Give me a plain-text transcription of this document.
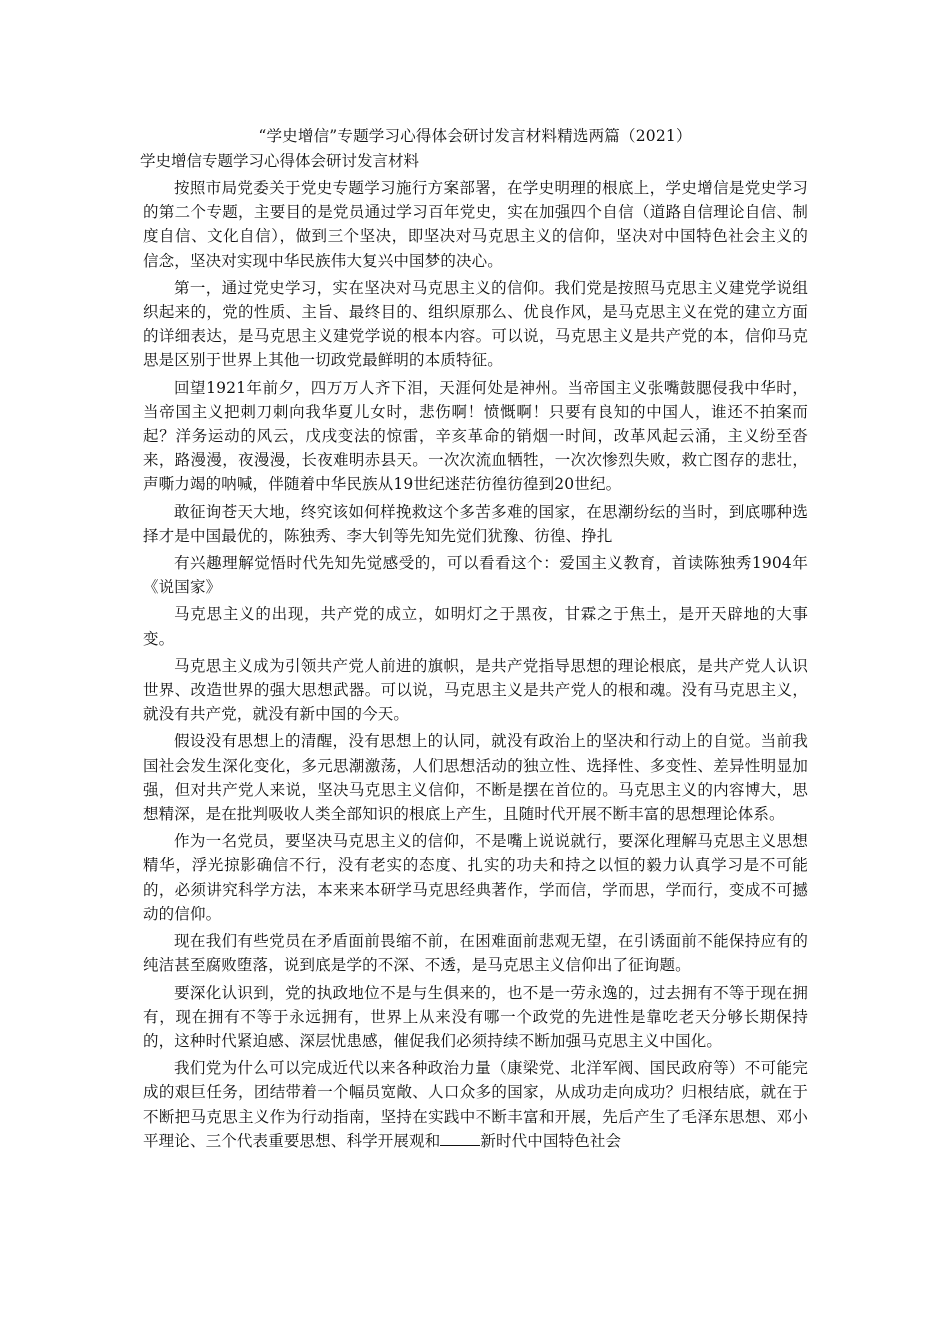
“学史增信”专题学习心得体会研讨发言材料精选两篇（2021）
学史增信专题学习心得体会研讨发言材料

按照市局党委关于党史专题学习施行方案部署，在学史明理的根底上，学史增信是党史学习的第二个专题，主要目的是党员通过学习百年党史，实在加强四个自信（道路自信理论自信、制度自信、文化自信），做到三个坚决，即坚决对马克思主义的信仰，坚决对中国特色社会主义的信念，坚决对实现中华民族伟大复兴中国梦的决心。

第一，通过党史学习，实在坚决对马克思主义的信仰。我们党是按照马克思主义建党学说组织起来的，党的性质、主旨、最终目的、组织原那么、优良作风，是马克思主义在党的建立方面的详细表达，是马克思主义建党学说的根本内容。可以说，马克思主义是共产党的本，信仰马克思是区别于世界上其他一切政党最鲜明的本质特征。

回望1921年前夕，四万万人齐下泪，天涯何处是神州。当帝国主义张嘴鼓腮侵我中华时，当帝国主义把刺刀刺向我华夏儿女时，悲伤啊！愤慨啊！只要有良知的中国人，谁还不拍案而起？洋务运动的风云，戊戌变法的惊雷，辛亥革命的销烟一时间，改革风起云涌，主义纷至沓来，路漫漫，夜漫漫，长夜难明赤县天。一次次流血牺牲，一次次惨烈失败，救亡图存的悲壮，声嘶力竭的呐喊，伴随着中华民族从19世纪迷茫彷徨彷徨到20世纪。

敢征询苍天大地，终究该如何样挽救这个多苦多难的国家，在思潮纷纭的当时，到底哪种选择才是中国最优的，陈独秀、李大钊等先知先觉们犹豫、彷徨、挣扎

有兴趣理解觉悟时代先知先觉感受的，可以看看这个：爱国主义教育，首读陈独秀1904年《说国家》

马克思主义的出现，共产党的成立，如明灯之于黑夜，甘霖之于焦土，是开天辟地的大事变。

马克思主义成为引领共产党人前进的旗帜，是共产党指导思想的理论根底，是共产党人认识世界、改造世界的强大思想武器。可以说，马克思主义是共产党人的根和魂。没有马克思主义，就没有共产党，就没有新中国的今天。

假设没有思想上的清醒，没有思想上的认同，就没有政治上的坚决和行动上的自觉。当前我国社会发生深化变化，多元思潮激荡，人们思想活动的独立性、选择性、多变性、差异性明显加强，但对共产党人来说，坚决马克思主义信仰，不断是摆在首位的。马克思主义的内容博大，思想精深，是在批判吸收人类全部知识的根底上产生，且随时代开展不断丰富的思想理论体系。

作为一名党员，要坚决马克思主义的信仰，不是嘴上说说就行，要深化理解马克思主义思想精华，浮光掠影确信不行，没有老实的态度、扎实的功夫和持之以恒的毅力认真学习是不可能的，必须讲究科学方法，本来来本研学马克思经典著作，学而信，学而思，学而行，变成不可撼动的信仰。

现在我们有些党员在矛盾面前畏缩不前，在困难面前悲观无望，在引诱面前不能保持应有的纯洁甚至腐败堕落，说到底是学的不深、不透，是马克思主义信仰出了征询题。

要深化认识到，党的执政地位不是与生俱来的，也不是一劳永逸的，过去拥有不等于现在拥有，现在拥有不等于永远拥有，世界上从来没有哪一个政党的先进性是靠吃老天分够长期保持的，这种时代紧迫感、深层忧患感，催促我们必须持续不断加强马克思主义中国化。

我们党为什么可以完成近代以来各种政治力量（康梁党、北洋军阀、国民政府等）不可能完成的艰巨任务，团结带着一个幅员宽敞、人口众多的国家，从成功走向成功？归根结底，就在于不断把马克思主义作为行动指南，坚持在实践中不断丰富和开展，先后产生了毛泽东思想、邓小平理论、三个代表重要思想、科学开展观和	新时代中国特色社会
